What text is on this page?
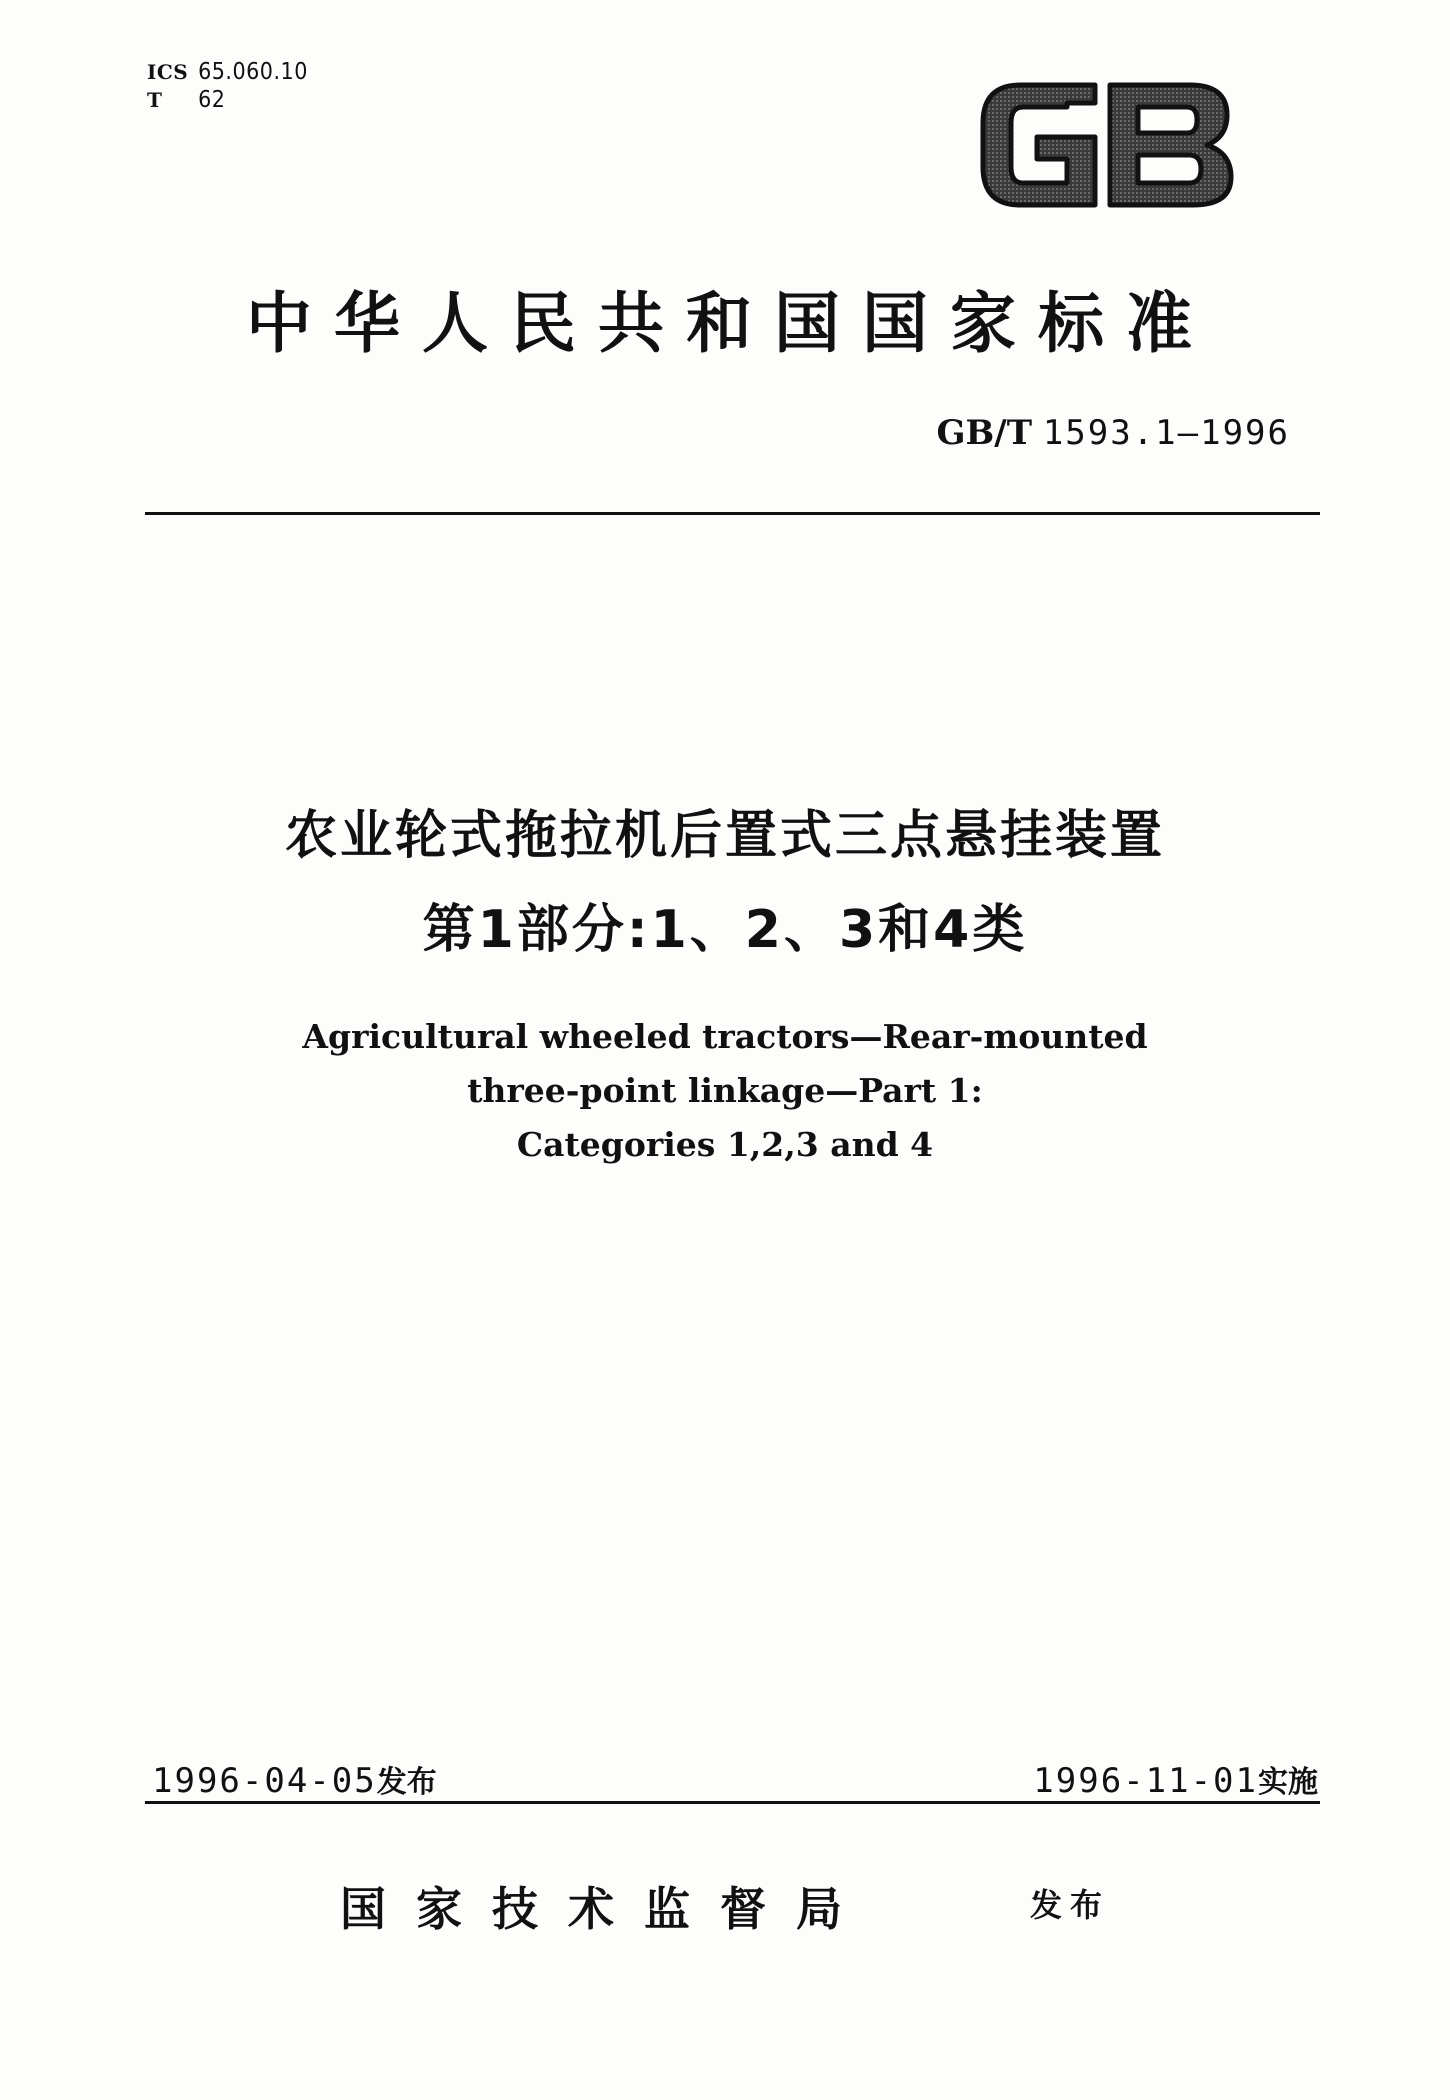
ICS 65.060.10
T 62
中华人民共和国国家标准
GB/T 1593.1—1996
农业轮式拖拉机后置式三点悬挂装置
第1部分:1、2、3和4类
Agricultural wheeled tractors—Rear-mounted
three-point linkage—Part 1:
Categories 1,2,3 and 4
1996-04-05发布	1996-11-01实施
国家技术监督局	发布
